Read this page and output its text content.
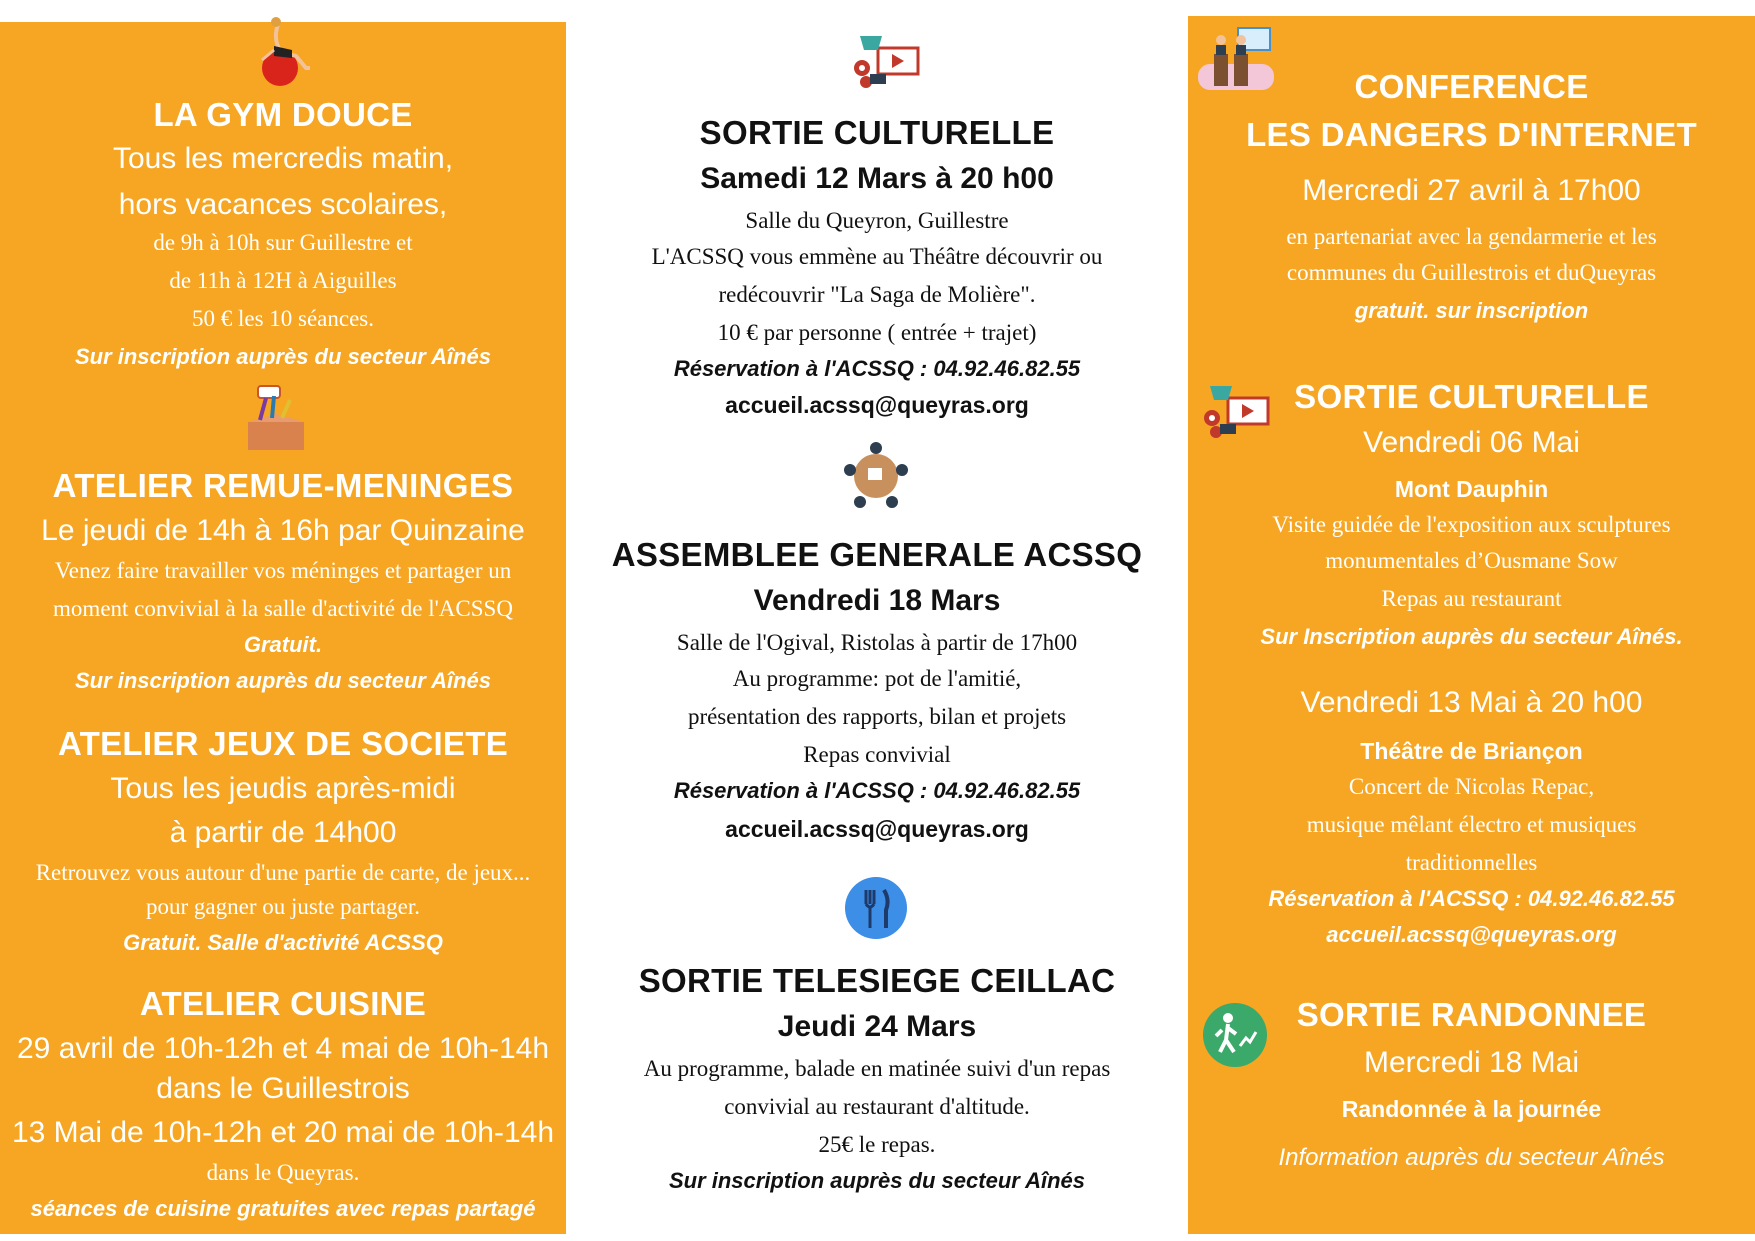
LA GYM DOUCE
Tous les mercredis matin,
hors vacances scolaires,
de 9h à 10h sur Guillestre et
de 11h à 12H à Aiguilles
50 € les 10 séances.
Sur inscription auprès du secteur Aînés
ATELIER REMUE-MENINGES
Le jeudi de 14h à 16h par Quinzaine
Venez faire travailler vos méninges et partager un
moment convivial à la salle d'activité de l'ACSSQ
Gratuit.
Sur inscription auprès du secteur Aînés
ATELIER JEUX DE SOCIETE
Tous les jeudis après-midi
à partir de 14h00
Retrouvez vous autour d'une partie de carte, de jeux...
pour gagner ou juste partager.
Gratuit. Salle d'activité ACSSQ
ATELIER CUISINE
29 avril de 10h-12h et 4 mai de 10h-14h
dans le Guillestrois
13 Mai de 10h-12h et 20 mai de 10h-14h
dans le Queyras.
séances de cuisine gratuites avec repas partagé
SORTIE CULTURELLE
Samedi 12 Mars à 20 h00
Salle du Queyron, Guillestre
L'ACSSQ vous emmène au Théâtre découvrir ou
redécouvrir "La Saga de Molière".
10 € par personne ( entrée + trajet)
Réservation à l'ACSSQ : 04.92.46.82.55
accueil.acssq@queyras.org
ASSEMBLEE GENERALE ACSSQ
Vendredi 18 Mars
Salle de l'Ogival, Ristolas à partir de 17h00
Au programme: pot de l'amitié,
présentation des rapports, bilan et projets
Repas convivial
Réservation à l'ACSSQ : 04.92.46.82.55
accueil.acssq@queyras.org
SORTIE TELESIEGE CEILLAC
Jeudi 24 Mars
Au programme, balade en matinée suivi d'un repas
convivial au restaurant d'altitude.
25€ le repas.
Sur inscription auprès du secteur Aînés
CONFERENCE
LES DANGERS D'INTERNET
Mercredi 27 avril à 17h00
en partenariat avec la gendarmerie et les
communes du Guillestrois et duQueyras
gratuit. sur inscription
SORTIE CULTURELLE
Vendredi 06 Mai
Mont Dauphin
Visite guidée de l'exposition aux sculptures
monumentales d’Ousmane Sow
Repas au restaurant
Sur Inscription auprès du secteur Aînés.
Vendredi 13 Mai à 20 h00
Théâtre de Briançon
Concert de Nicolas Repac,
musique mêlant électro et musiques
traditionnelles
Réservation à l'ACSSQ : 04.92.46.82.55
accueil.acssq@queyras.org
SORTIE RANDONNEE
Mercredi 18 Mai
Randonnée à la journée
Information auprès du secteur Aînés
